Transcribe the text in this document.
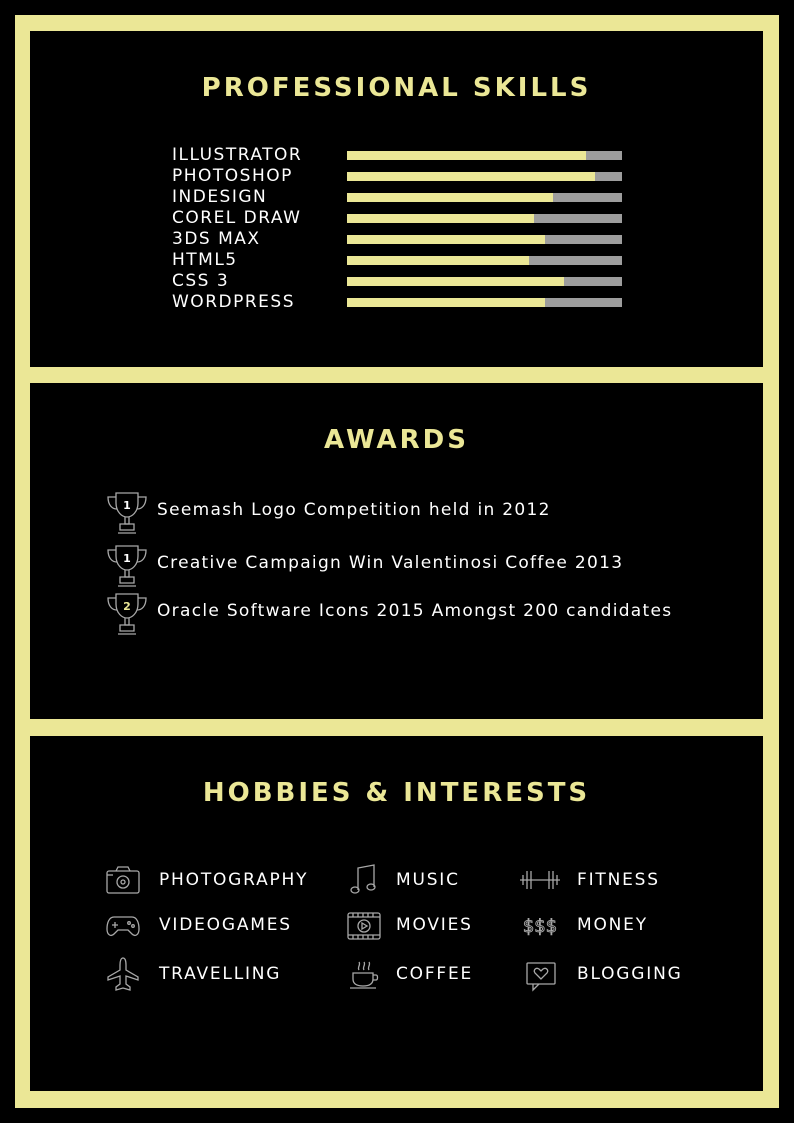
PROFESSIONAL SKILLS
ILLUSTRATOR
PHOTOSHOP
INDESIGN
COREL DRAW
3DS MAX
HTML5
CSS 3
WORDPRESS
AWARDS
1 Seemash Logo Competition held in 2012
1 Creative Campaign Win Valentinosi Coffee 2013
2 Oracle Software Icons 2015 Amongst 200 candidates
HOBBIES & INTERESTS
PHOTOGRAPHY	MUSIC	FITNESS
VIDEOGAMES	MOVIES	$$$ MONEY
TRAVELLING	COFFEE	BLOGGING
